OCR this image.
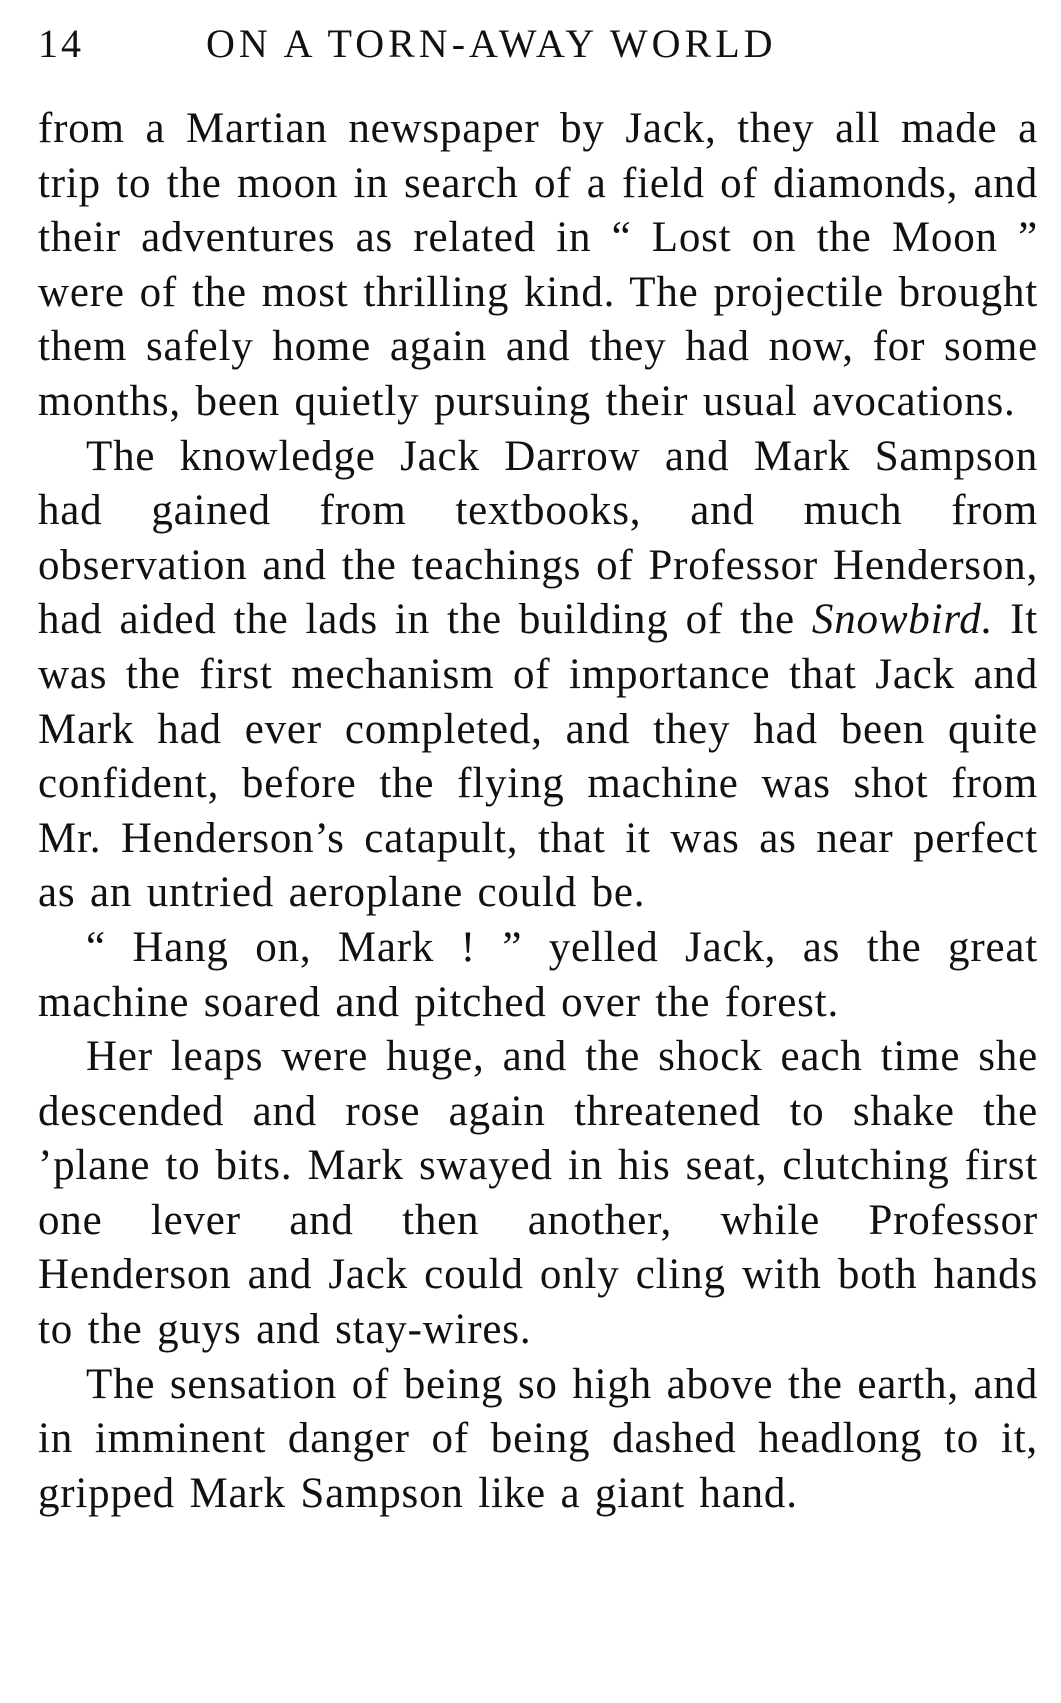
14	ON A TORN-AWAY WORLD

from a Martian newspaper by Jack, they all made a trip to the moon in search of a field of diamonds, and their adventures as related in “ Lost on the Moon ” were of the most thrilling kind. The projectile brought them safely home again and they had now, for some months, been quietly pursuing their usual avocations.

The knowledge Jack Darrow and Mark Sampson had gained from textbooks, and much from observation and the teachings of Professor Henderson, had aided the lads in the building of the Snowbird. It was the first mechanism of importance that Jack and Mark had ever completed, and they had been quite confident, before the flying machine was shot from Mr. Henderson’s catapult, that it was as near perfect as an untried aeroplane could be.

“ Hang on, Mark ! ” yelled Jack, as the great machine soared and pitched over the forest.

Her leaps were huge, and the shock each time she descended and rose again threatened to shake the ’plane to bits. Mark swayed in his seat, clutching first one lever and then another, while Professor Henderson and Jack could only cling with both hands to the guys and stay-wires.

The sensation of being so high above the earth, and in imminent danger of being dashed headlong to it, gripped Mark Sampson like a giant hand.
